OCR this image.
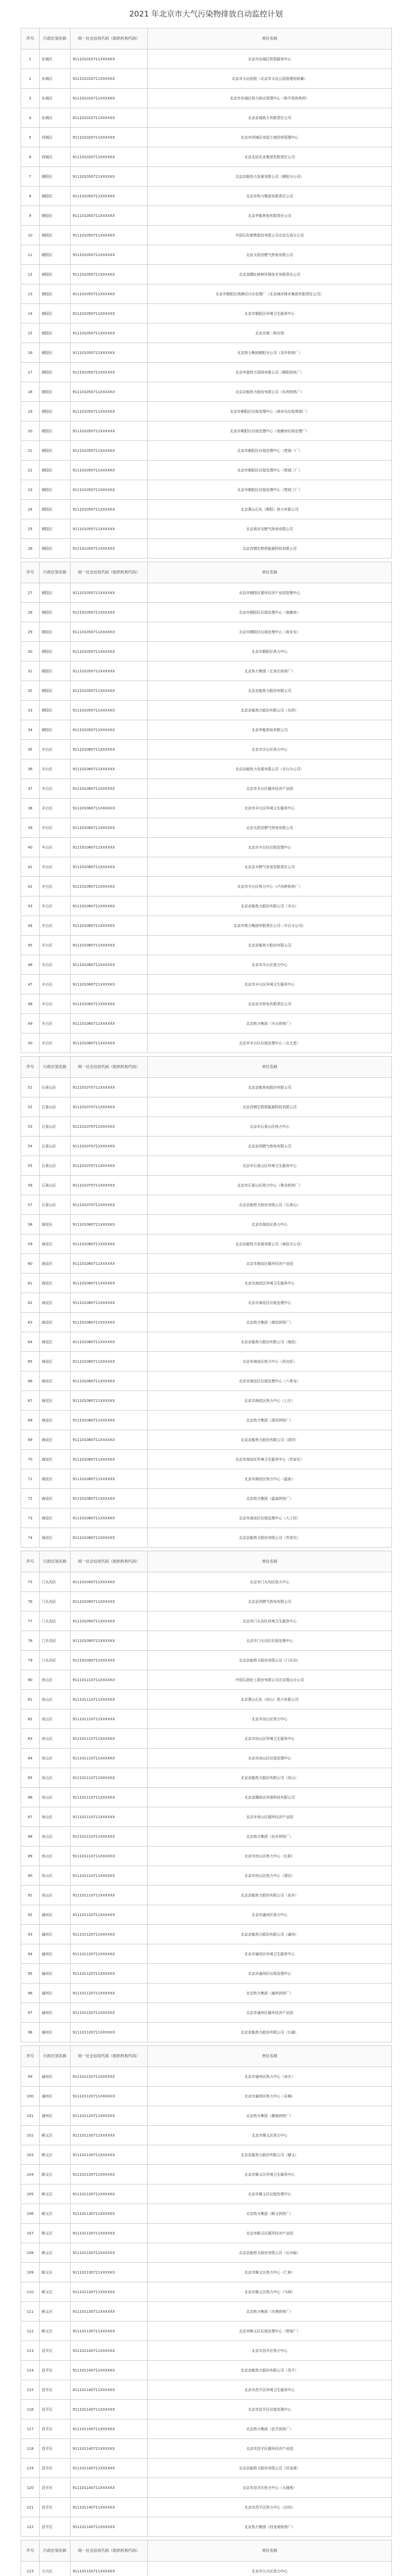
2021 年北京市大气污染物排放自动监控计划
序号	行政区划名称	统一社会信用代码（组织机构代码）	单位名称
1	东城区	911101010711XXXXXX	北京市东城区供热服务中心
2	东城区	911101010711XXXXXX	北京市天坛医院（北京市天坛公园管理处附属）
3	东城区	911101010711XXXXXX	北京市东城区热力供应管理中心（和平里供热所）
4	东城区	911101010711XXXXXX	北京京城热力有限责任公司
5	西城区	911101020711XXXXXX	北京市西城区房屋土地经营管理中心
6	西城区	911101020711XXXXXX	北京北辰实业集团有限责任公司
7	朝阳区	911101050711XXXXXX	北京京能热力发展有限公司（朝阳分公司）
8	朝阳区	911101050711XXXXXX	北京市热力集团有限责任公司
9	朝阳区	911101050711XXXXXX	北京华能热电有限责任公司
10	朝阳区	911101050711XXXXXX	中国石化销售股份有限公司北京石油分公司
11	朝阳区	911101050711XXXXXX	北京太阳宫燃气热电有限公司
12	朝阳区	911101050711XXXXXX	北京金隅红树林环保技术有限责任公司
13	朝阳区	911101050711XXXXXX	北京市朝阳区高碑店污水处理厂（北京城市排水集团有限责任公司）
14	朝阳区	911101050711XXXXXX	北京市朝阳区环境卫生服务中心
15	朝阳区	911101050711XXXXXX	北京市第二殡仪馆
16	朝阳区	911101050711XXXXXX	北京热力集团朝阳分公司（双井供热厂）
17	朝阳区	911101050711XXXXXX	北京华源热力管网有限公司（朝阳供热厂）
18	朝阳区	911101050711XXXXXX	北京京能热力股份有限公司（东坝供热厂）
19	朝阳区	911101050711XXXXXX	北京市朝阳区垃圾处理中心（高安屯垃圾焚烧厂）
20	朝阳区	911101050711XXXXXX	北京市朝阳区垃圾处理中心（南磨房垃圾处理厂）
21	朝阳区	911101050711XXXXXX	北京市朝阳区垃圾处理中心（焚烧一厂）
22	朝阳区	911101050711XXXXXX	北京市朝阳区垃圾处理中心（焚烧二厂）
23	朝阳区	911101050711XXXXXX	北京市朝阳区垃圾处理中心（焚烧三厂）
24	朝阳区	911101050711XXXXXX	北京燕山石化（朝阳）热力有限公司
25	朝阳区	911101050711XXXXXX	北京高安屯燃气热电有限公司
26	朝阳区	911101050711XXXXXX	北京首钢生物质能源科技有限公司
序号	行政区划名称	统一社会信用代码（组织机构代码）	单位名称
27	朝阳区	911101050711XXXXXX	北京市朝阳区循环经济产业园管理中心
28	朝阳区	911101050711XXXXXX	北京市朝阳区垃圾处理中心（南磨房）
29	朝阳区	911101050711XXXXXX	北京市朝阳区垃圾处理中心（高安屯）
30	朝阳区	911101050711XXXXXX	北京市朝阳区热力中心
31	朝阳区	911101050711XXXXXX	北京热力集团（左家庄供热厂）
32	朝阳区	911101050711XXXXXX	北京京能热力股份有限公司
33	朝阳区	911101050711XXXXXX	北京京能热力股份有限公司（东坝）
34	朝阳区	911101050711XXXXXX	北京华能热电有限公司
35	丰台区	911101060711XXXXXX	北京市丰台区热力中心
36	丰台区	911101060711XXXXXX	北京京能热力发展有限公司（丰台分公司）
37	丰台区	911101060711XXXXXX	北京市丰台区循环经济产业园
38	丰台区	911101060711XXXXXX	北京市丰台区环境卫生服务中心
39	丰台区	911101060711XXXXXX	北京太阳宫燃气热电有限公司
40	丰台区	911101060711XXXXXX	北京市丰台区垃圾处理中心
41	丰台区	911101060711XXXXXX	北京京丰燃气发电有限责任公司
42	丰台区	911101060711XXXXXX	北京市丰台区热力中心（卢沟桥供热厂）
43	丰台区	911101060711XXXXXX	北京京能热力股份有限公司（丰台）
44	丰台区	911101060711XXXXXX	北京市热力集团有限责任公司（丰台分公司）
45	丰台区	911101060711XXXXXX	北京京能热力股份有限公司
46	丰台区	911101060711XXXXXX	北京市丰台区热力中心
47	丰台区	911101060711XXXXXX	北京市丰台区环境卫生服务中心
48	丰台区	911101060711XXXXXX	北京京丰热电有限责任公司
49	丰台区	911101060711XXXXXX	北京热力集团（丰台供热厂）
50	丰台区	911101060711XXXXXX	北京市丰台区垃圾处理中心（北天堂）
序号	行政区划名称	统一社会信用代码（组织机构代码）	单位名称
51	石景山区	911101070711XXXXXX	北京京能热电股份有限公司
52	石景山区	911101070711XXXXXX	北京首钢生物质能源科技有限公司
53	石景山区	911101070711XXXXXX	北京市石景山区热力中心
54	石景山区	911101070711XXXXXX	北京京西燃气热电有限公司
55	石景山区	911101070711XXXXXX	北京市石景山区环境卫生服务中心
56	石景山区	911101070711XXXXXX	北京市石景山区热力中心（鲁谷供热厂）
57	石景山区	911101070711XXXXXX	北京京能热力股份有限公司（石景山）
58	海淀区	911101080711XXXXXX	北京市海淀区热力中心
59	海淀区	911101080711XXXXXX	北京京能热力发展有限公司（海淀分公司）
60	海淀区	911101080711XXXXXX	北京市海淀区循环经济产业园
61	海淀区	911101080711XXXXXX	北京市海淀区环境卫生服务中心
62	海淀区	911101080711XXXXXX	北京市海淀区垃圾处理中心
63	海淀区	911101080711XXXXXX	北京热力集团（海淀供热厂）
64	海淀区	911101080711XXXXXX	北京京能热力股份有限公司（海淀）
65	海淀区	911101080711XXXXXX	北京市海淀区热力中心（西北旺）
66	海淀区	911101080711XXXXXX	北京市海淀区垃圾处理中心（六里屯）
67	海淀区	911101080711XXXXXX	北京市海淀区热力中心（上庄）
68	海淀区	911101080711XXXXXX	北京热力集团（清河供热厂）
69	海淀区	911101080711XXXXXX	北京京能热力股份有限公司（清河）
70	海淀区	911101080711XXXXXX	北京市海淀区环境卫生服务中心（苏家坨）
71	海淀区	911101080711XXXXXX	北京市海淀区热力中心（温泉）
72	海淀区	911101080711XXXXXX	北京热力集团（温泉供热厂）
73	海淀区	911101080711XXXXXX	北京市海淀区垃圾处理中心（大工村）
74	海淀区	911101080711XXXXXX	北京京能热力股份有限公司（苏家坨）
序号	行政区划名称	统一社会信用代码（组织机构代码）	单位名称
75	门头沟区	911101090711XXXXXX	北京市门头沟区热力中心
76	门头沟区	911101090711XXXXXX	北京京西燃气热电有限公司
77	门头沟区	911101090711XXXXXX	北京市门头沟区环境卫生服务中心
78	门头沟区	911101090711XXXXXX	北京市门头沟区垃圾处理中心
79	门头沟区	911101090711XXXXXX	北京京能热力股份有限公司（门头沟）
80	房山区	911101110711XXXXXX	中国石油化工股份有限公司北京燕山分公司
81	房山区	911101110711XXXXXX	北京燕山石化（房山）热力有限公司
82	房山区	911101110711XXXXXX	北京市房山区热力中心
83	房山区	911101110711XXXXXX	北京市房山区环境卫生服务中心
84	房山区	911101110711XXXXXX	北京市房山区垃圾处理中心
85	房山区	911101110711XXXXXX	北京京能热力股份有限公司（房山）
86	房山区	911101110711XXXXXX	北京金隅琉水环保科技有限公司
87	房山区	911101110711XXXXXX	北京市房山区循环经济产业园
88	房山区	911101110711XXXXXX	北京热力集团（良乡供热厂）
89	房山区	911101110711XXXXXX	北京市房山区热力中心（长阳）
90	房山区	911101110711XXXXXX	北京市房山区热力中心（窦店）
91	房山区	911101110711XXXXXX	北京京能热力股份有限公司（良乡）
92	通州区	911101120711XXXXXX	北京市通州区热力中心
93	通州区	911101120711XXXXXX	北京京能热力股份有限公司（通州）
94	通州区	911101120711XXXXXX	北京市通州区环境卫生服务中心
95	通州区	911101120711XXXXXX	北京市通州区垃圾处理中心
96	通州区	911101120711XXXXXX	北京热力集团（通州供热厂）
97	通州区	911101120711XXXXXX	北京市通州区循环经济产业园
98	通州区	911101120711XXXXXX	北京京能热力股份有限公司（台湖）
序号	行政区划名称	统一社会信用代码（组织机构代码）	单位名称
99	通州区	911101120711XXXXXX	北京市通州区热力中心（宋庄）
100	通州区	911101120711XXXXXX	北京市通州区热力中心（永顺）
101	通州区	911101120711XXXXXX	北京热力集团（潞城供热厂）
102	顺义区	911101130711XXXXXX	北京市顺义区热力中心
103	顺义区	911101130711XXXXXX	北京京能热力股份有限公司（顺义）
104	顺义区	911101130711XXXXXX	北京市顺义区环境卫生服务中心
105	顺义区	911101130711XXXXXX	北京市顺义区垃圾处理中心
106	顺义区	911101130711XXXXXX	北京热力集团（顺义供热厂）
107	顺义区	911101130711XXXXXX	北京市顺义区循环经济产业园
108	顺义区	911101130711XXXXXX	北京京能热力股份有限公司（后沙峪）
109	顺义区	911101130711XXXXXX	北京市顺义区热力中心（仁和）
110	顺义区	911101130711XXXXXX	北京市顺义区热力中心（马坡）
111	顺义区	911101130711XXXXXX	北京热力集团（空港供热厂）
112	顺义区	911101130711XXXXXX	北京市顺义区垃圾处理中心（焚烧厂）
113	昌平区	911101140711XXXXXX	北京市昌平区热力中心
114	昌平区	911101140711XXXXXX	北京京能热力股份有限公司（昌平）
115	昌平区	911101140711XXXXXX	北京市昌平区环境卫生服务中心
116	昌平区	911101140711XXXXXX	北京市昌平区垃圾处理中心
117	昌平区	911101140711XXXXXX	北京热力集团（昌平供热厂）
118	昌平区	911101140711XXXXXX	北京市昌平区循环经济产业园
119	昌平区	911101140711XXXXXX	北京京能热力股份有限公司（回龙观）
120	昌平区	911101140711XXXXXX	北京市昌平区热力中心（天通苑）
121	昌平区	911101140711XXXXXX	北京市昌平区热力中心（沙河）
122	昌平区	911101140711XXXXXX	北京热力集团（回龙观供热厂）
序号	行政区划名称	统一社会信用代码（组织机构代码）	单位名称
123	大兴区	911101150711XXXXXX	北京市大兴区热力中心
